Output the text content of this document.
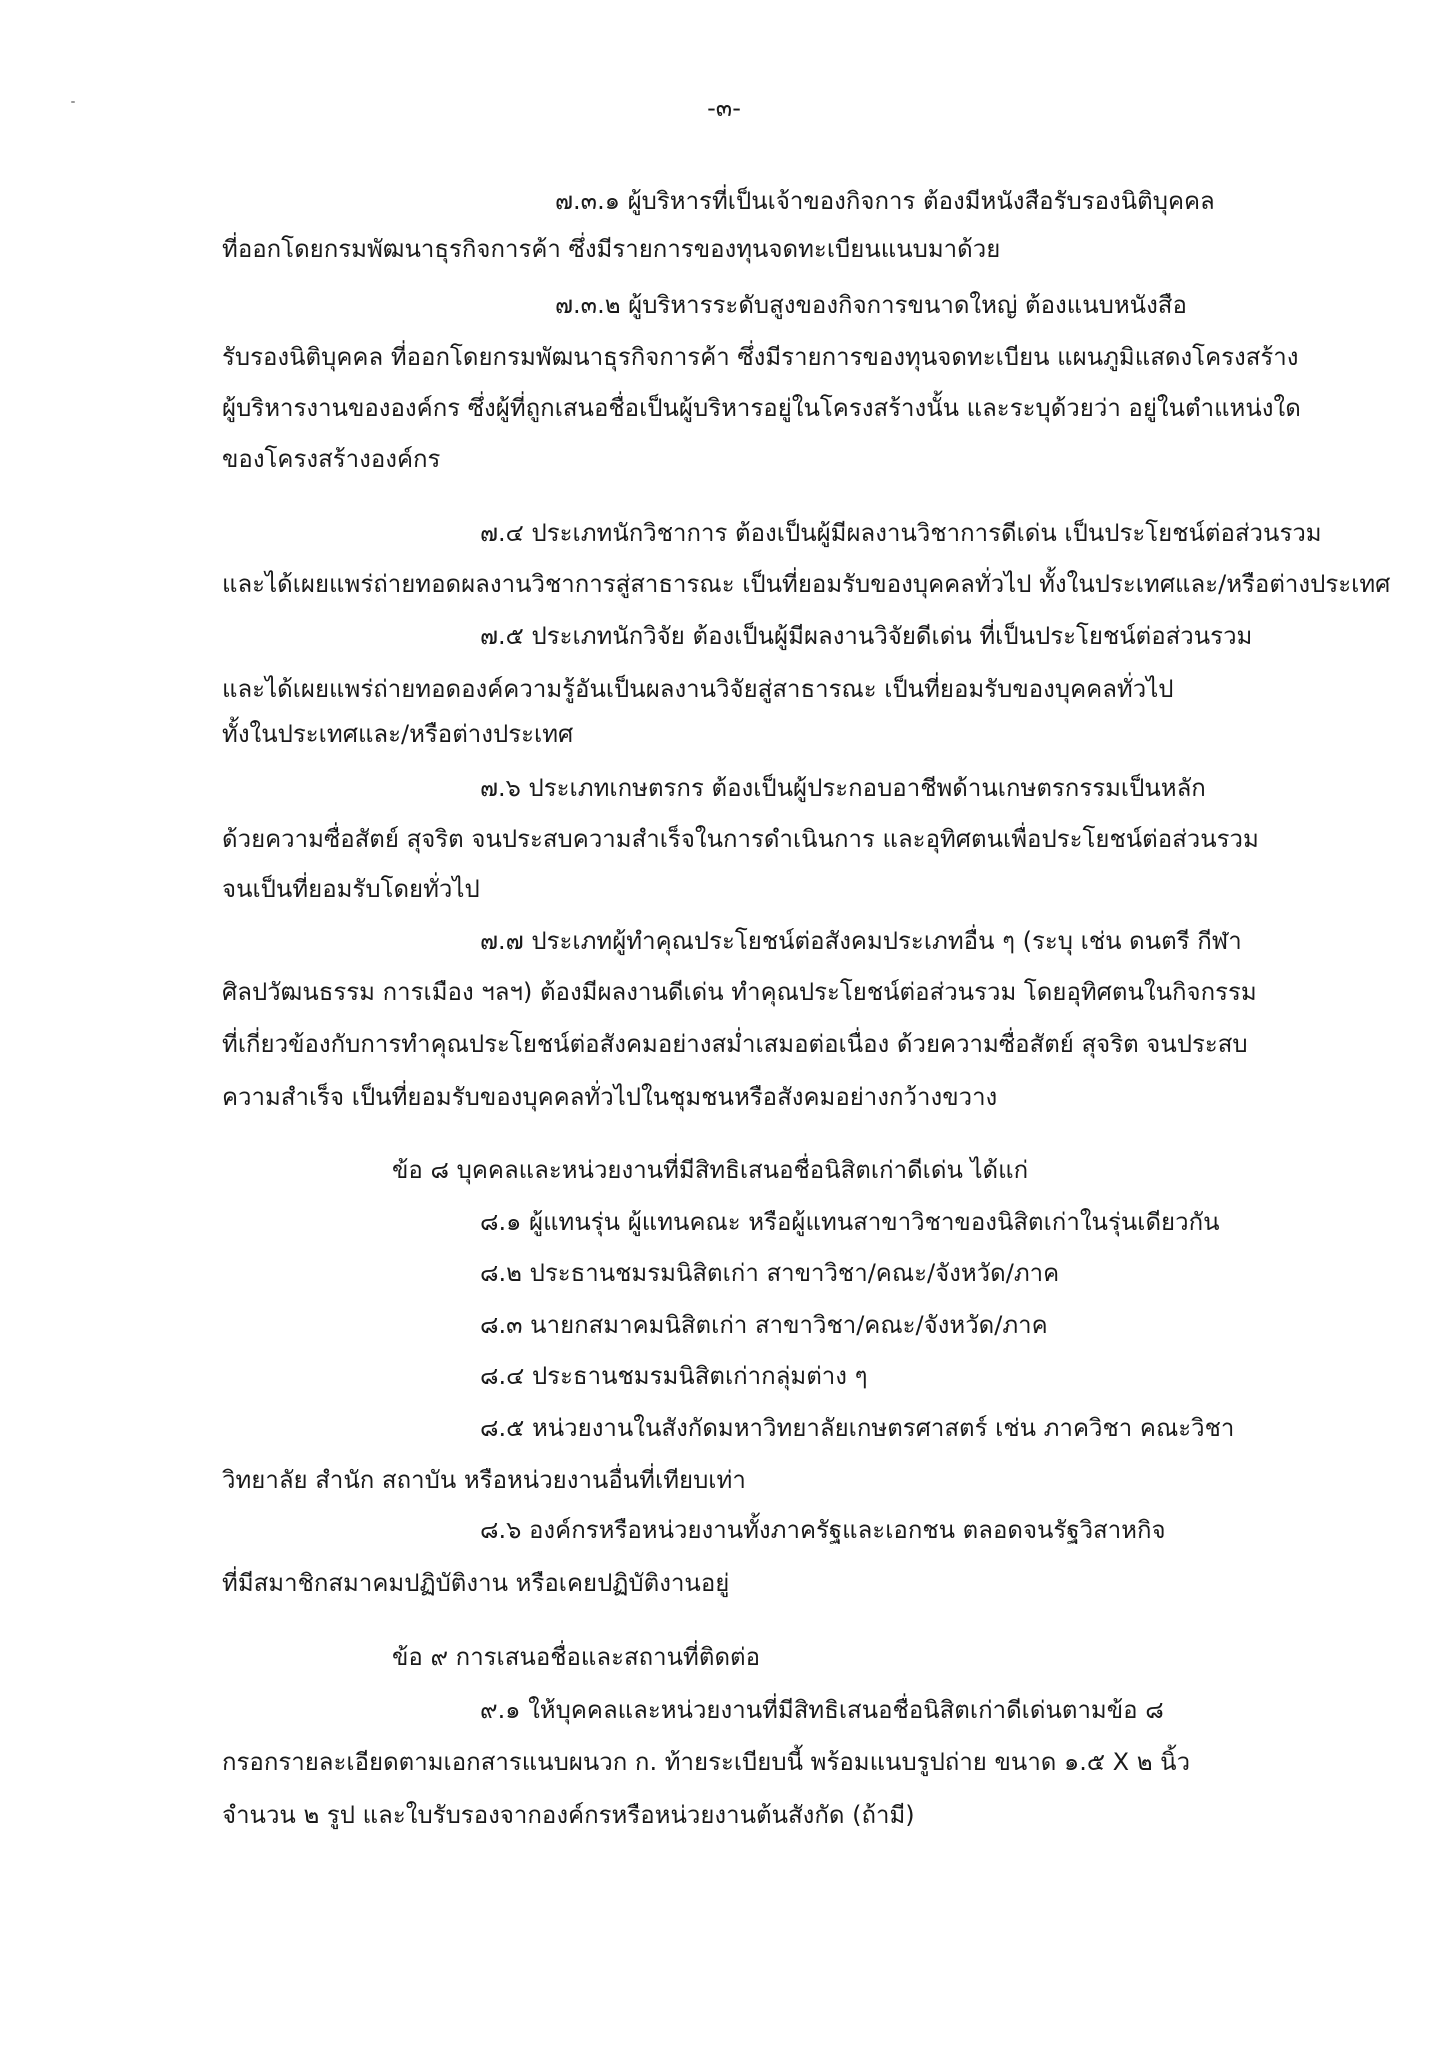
-๓-

๗.๓.๑ ผู้บริหารที่เป็นเจ้าของกิจการ ต้องมีหนังสือรับรองนิติบุคคล

ที่ออกโดยกรมพัฒนาธุรกิจการค้า ซึ่งมีรายการของทุนจดทะเบียนแนบมาด้วย

๗.๓.๒ ผู้บริหารระดับสูงของกิจการขนาดใหญ่ ต้องแนบหนังสือ

รับรองนิติบุคคล ที่ออกโดยกรมพัฒนาธุรกิจการค้า ซึ่งมีรายการของทุนจดทะเบียน แผนภูมิแสดงโครงสร้าง

ผู้บริหารงานขององค์กร ซึ่งผู้ที่ถูกเสนอชื่อเป็นผู้บริหารอยู่ในโครงสร้างนั้น และระบุด้วยว่า อยู่ในตำแหน่งใด

ของโครงสร้างองค์กร

๗.๔ ประเภทนักวิชาการ ต้องเป็นผู้มีผลงานวิชาการดีเด่น เป็นประโยชน์ต่อส่วนรวม

และได้เผยแพร่ถ่ายทอดผลงานวิชาการสู่สาธารณะ เป็นที่ยอมรับของบุคคลทั่วไป ทั้งในประเทศและ/หรือต่างประเทศ

๗.๕ ประเภทนักวิจัย ต้องเป็นผู้มีผลงานวิจัยดีเด่น ที่เป็นประโยชน์ต่อส่วนรวม

และได้เผยแพร่ถ่ายทอดองค์ความรู้อันเป็นผลงานวิจัยสู่สาธารณะ เป็นที่ยอมรับของบุคคลทั่วไป

ทั้งในประเทศและ/หรือต่างประเทศ

๗.๖ ประเภทเกษตรกร ต้องเป็นผู้ประกอบอาชีพด้านเกษตรกรรมเป็นหลัก

ด้วยความซื่อสัตย์ สุจริต จนประสบความสำเร็จในการดำเนินการ และอุทิศตนเพื่อประโยชน์ต่อส่วนรวม

จนเป็นที่ยอมรับโดยทั่วไป

๗.๗ ประเภทผู้ทำคุณประโยชน์ต่อสังคมประเภทอื่น ๆ (ระบุ เช่น ดนตรี กีฬา

ศิลปวัฒนธรรม การเมือง ฯลฯ) ต้องมีผลงานดีเด่น ทำคุณประโยชน์ต่อส่วนรวม โดยอุทิศตนในกิจกรรม

ที่เกี่ยวข้องกับการทำคุณประโยชน์ต่อสังคมอย่างสม่ำเสมอต่อเนื่อง ด้วยความซื่อสัตย์ สุจริต จนประสบ

ความสำเร็จ เป็นที่ยอมรับของบุคคลทั่วไปในชุมชนหรือสังคมอย่างกว้างขวาง

ข้อ ๘ บุคคลและหน่วยงานที่มีสิทธิเสนอชื่อนิสิตเก่าดีเด่น ได้แก่

๘.๑ ผู้แทนรุ่น ผู้แทนคณะ หรือผู้แทนสาขาวิชาของนิสิตเก่าในรุ่นเดียวกัน

๘.๒ ประธานชมรมนิสิตเก่า สาขาวิชา/คณะ/จังหวัด/ภาค

๘.๓ นายกสมาคมนิสิตเก่า สาขาวิชา/คณะ/จังหวัด/ภาค

๘.๔ ประธานชมรมนิสิตเก่ากลุ่มต่าง ๆ

๘.๕ หน่วยงานในสังกัดมหาวิทยาลัยเกษตรศาสตร์ เช่น ภาควิชา คณะวิชา

วิทยาลัย สำนัก สถาบัน หรือหน่วยงานอื่นที่เทียบเท่า

๘.๖ องค์กรหรือหน่วยงานทั้งภาครัฐและเอกชน ตลอดจนรัฐวิสาหกิจ

ที่มีสมาชิกสมาคมปฏิบัติงาน หรือเคยปฏิบัติงานอยู่

ข้อ ๙ การเสนอชื่อและสถานที่ติดต่อ

๙.๑ ให้บุคคลและหน่วยงานที่มีสิทธิเสนอชื่อนิสิตเก่าดีเด่นตามข้อ ๘

กรอกรายละเอียดตามเอกสารแนบผนวก ก. ท้ายระเบียบนี้ พร้อมแนบรูปถ่าย ขนาด ๑.๕ X ๒ นิ้ว

จำนวน ๒ รูป และใบรับรองจากองค์กรหรือหน่วยงานต้นสังกัด (ถ้ามี)
